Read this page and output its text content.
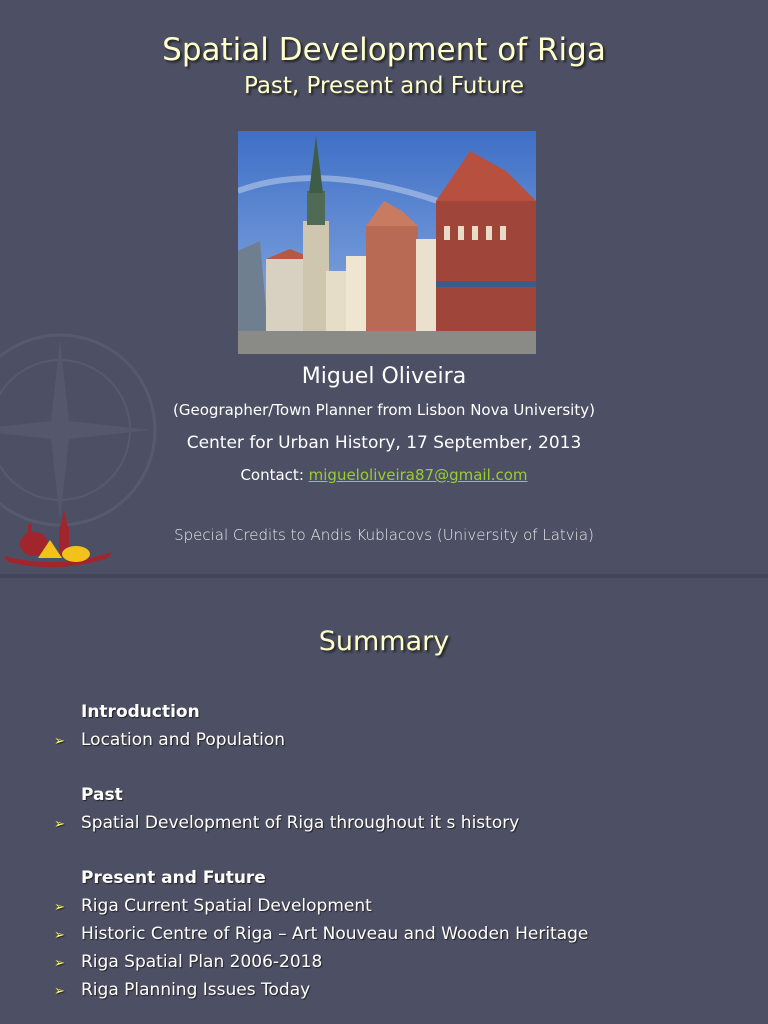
Spatial Development of Riga
Past, Present and Future
Miguel Oliveira
(Geographer/Town Planner from Lisbon Nova University)
Center for Urban History, 17 September, 2013
Contact: migueloliveira87@gmail.com
Special Credits to Andis Kublacovs (University of Latvia)
Summary
Introduction
➢ Location and Population
Past
➢ Spatial Development of Riga throughout it s history
Present and Future
➢ Riga Current Spatial Development
➢ Historic Centre of Riga – Art Nouveau and Wooden Heritage
➢ Riga Spatial Plan 2006-2018
➢ Riga Planning Issues Today
